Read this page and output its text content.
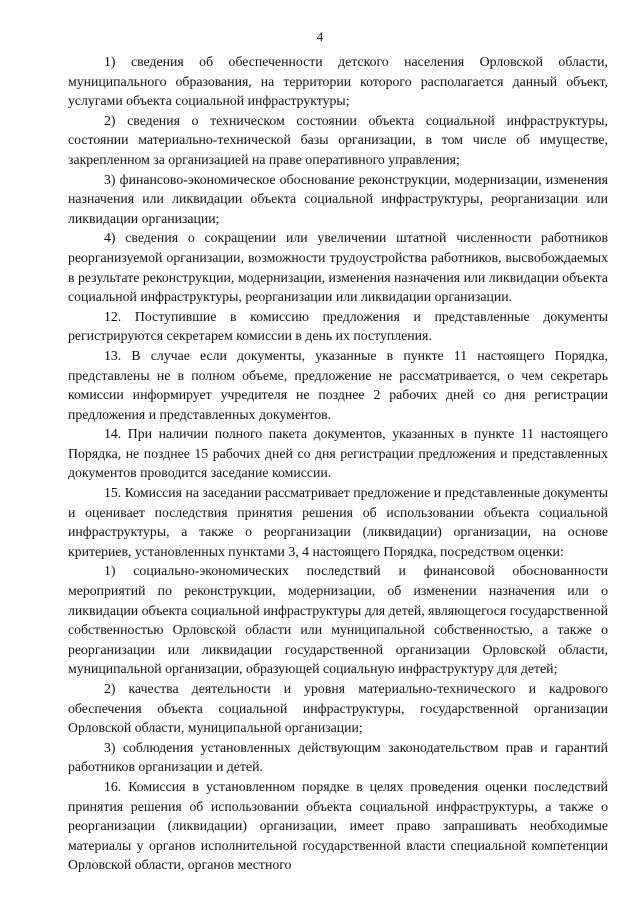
4

1) сведения об обеспеченности детского населения Орловской области, муниципального образования, на территории которого располагается данный объект, услугами объекта социальной инфраструктуры;

2) сведения о техническом состоянии объекта социальной инфраструктуры, состоянии материально-технической базы организации, в том числе об имуществе, закрепленном за организацией на праве оперативного управления;

3) финансово-экономическое обоснование реконструкции, модернизации, изменения назначения или ликвидации объекта социальной инфраструктуры, реорганизации или ликвидации организации;

4) сведения о сокращении или увеличении штатной численности работников реорганизуемой организации, возможности трудоустройства работников, высвобождаемых в результате реконструкции, модернизации, изменения назначения или ликвидации объекта социальной инфраструктуры, реорганизации или ликвидации организации.

12. Поступившие в комиссию предложения и представленные документы регистрируются секретарем комиссии в день их поступления.

13. В случае если документы, указанные в пункте 11 настоящего Порядка, представлены не в полном объеме, предложение не рассматривается, о чем секретарь комиссии информирует учредителя не позднее 2 рабочих дней со дня регистрации предложения и представленных документов.

14. При наличии полного пакета документов, указанных в пункте 11 настоящего Порядка, не позднее 15 рабочих дней со дня регистрации предложения и представленных документов проводится заседание комиссии.

15. Комиссия на заседании рассматривает предложение и представленные документы и оценивает последствия принятия решения об использовании объекта социальной инфраструктуры, а также о реорганизации (ликвидации) организации, на основе критериев, установленных пунктами 3, 4 настоящего Порядка, посредством оценки:

1) социально-экономических последствий и финансовой обоснованности мероприятий по реконструкции, модернизации, об изменении назначения или о ликвидации объекта социальной инфраструктуры для детей, являющегося государственной собственностью Орловской области или муниципальной собственностью, а также о реорганизации или ликвидации государственной организации Орловской области, муниципальной организации, образующей социальную инфраструктуру для детей;

2) качества деятельности и уровня материально-технического и кадрового обеспечения объекта социальной инфраструктуры, государственной организации Орловской области, муниципальной организации;

3) соблюдения установленных действующим законодательством прав и гарантий работников организации и детей.

16. Комиссия в установленном порядке в целях проведения оценки последствий принятия решения об использовании объекта социальной инфраструктуры, а также о реорганизации (ликвидации) организации, имеет право запрашивать необходимые материалы у органов исполнительной государственной власти специальной компетенции Орловской области, органов местного
